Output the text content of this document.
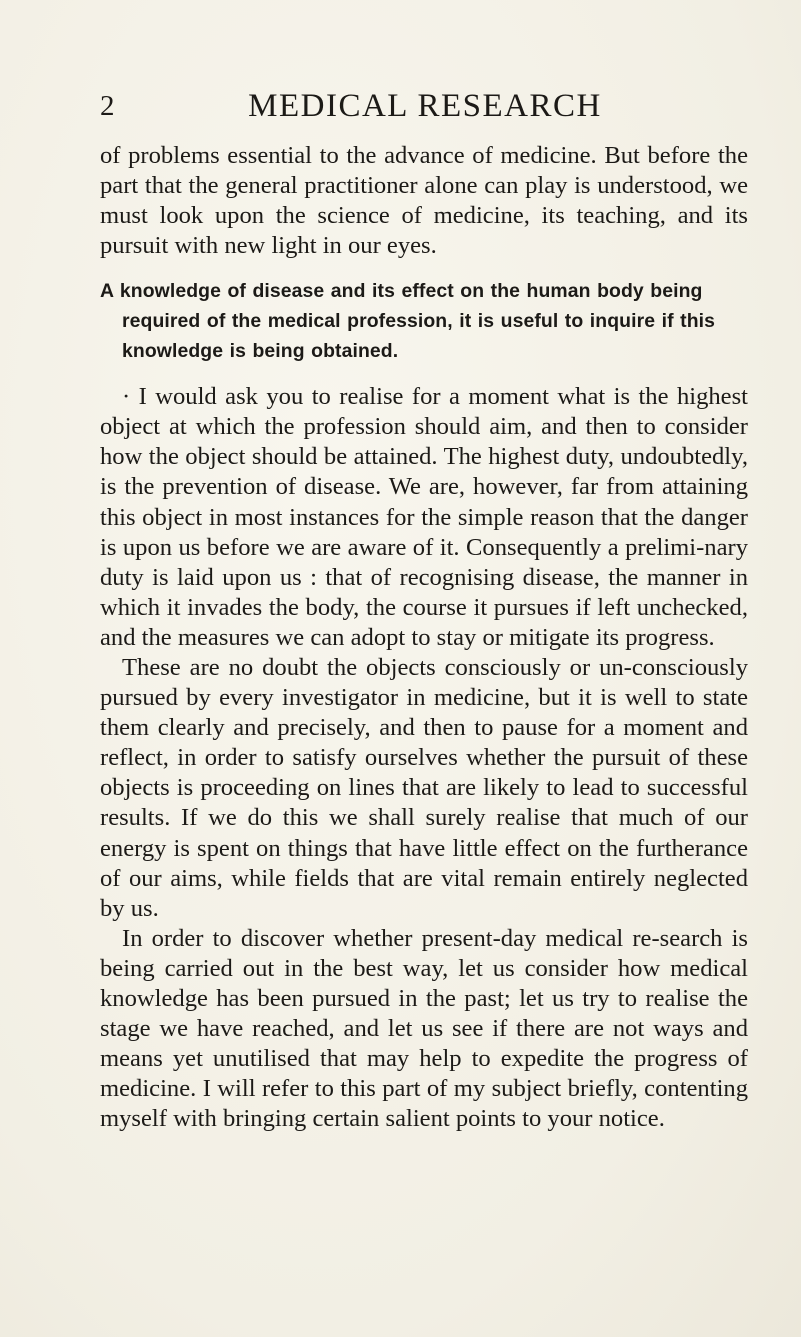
2	MEDICAL RESEARCH

of problems essential to the advance of medicine. But before the part that the general practitioner alone can play is understood, we must look upon the science of medicine, its teaching, and its pursuit with new light in our eyes.

A knowledge of disease and its effect on the human body being required of the medical profession, it is useful to inquire if this knowledge is being obtained.

· I would ask you to realise for a moment what is the highest object at which the profession should aim, and then to consider how the object should be attained. The highest duty, undoubtedly, is the prevention of disease. We are, however, far from attaining this object in most instances for the simple reason that the danger is upon us before we are aware of it. Consequently a prelimi-nary duty is laid upon us : that of recognising disease, the manner in which it invades the body, the course it pursues if left unchecked, and the measures we can adopt to stay or mitigate its progress.

These are no doubt the objects consciously or un-consciously pursued by every investigator in medicine, but it is well to state them clearly and precisely, and then to pause for a moment and reflect, in order to satisfy ourselves whether the pursuit of these objects is proceeding on lines that are likely to lead to successful results. If we do this we shall surely realise that much of our energy is spent on things that have little effect on the furtherance of our aims, while fields that are vital remain entirely neglected by us.

In order to discover whether present-day medical re-search is being carried out in the best way, let us consider how medical knowledge has been pursued in the past; let us try to realise the stage we have reached, and let us see if there are not ways and means yet unutilised that may help to expedite the progress of medicine. I will refer to this part of my subject briefly, contenting myself with bringing certain salient points to your notice.
